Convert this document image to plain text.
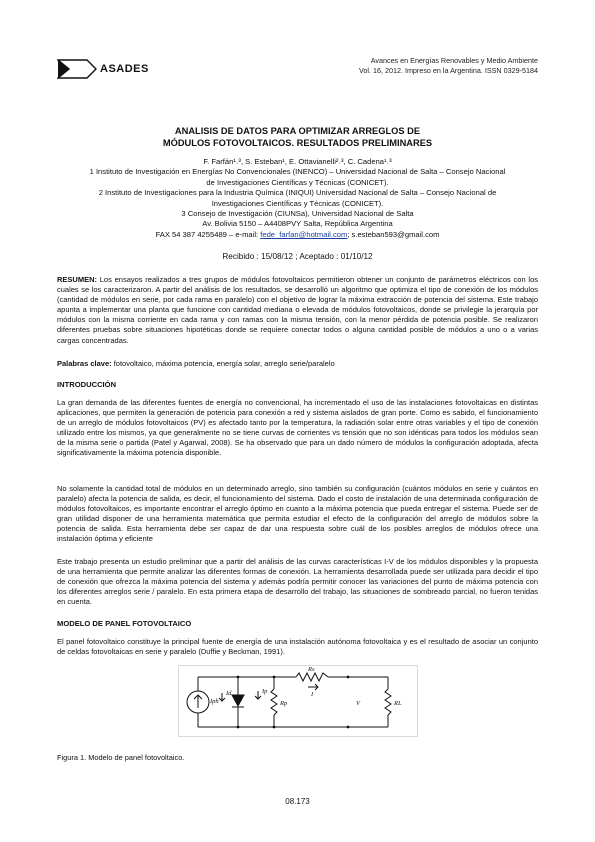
ASADES
Avances en Energías Renovables y Medio Ambiente
Vol. 16, 2012. Impreso en la Argentina. ISSN 0329-5184
ANALISIS DE DATOS PARA OPTIMIZAR ARREGLOS DE
MÓDULOS FOTOVOLTAICOS. RESULTADOS PRELIMINARES
F. Farfán¹˒³, S. Esteban¹, E. Ottavianelli²˒³, C. Cadena¹˒³
1 Instituto de Investigación en Energías No Convencionales (INENCO) – Universidad Nacional de Salta – Consejo Nacional
de Investigaciones Científicas y Técnicas (CONICET).
2 Instituto de Investigaciones para la Industria Química (INIQUI) Universidad Nacional de Salta – Consejo Nacional de
Investigaciones Científicas y Técnicas (CONICET).
3 Consejo de Investigación (CIUNSa), Universidad Nacional de Salta
Av. Bolivia 5150 – A4408PVY Salta, República Argentina
FAX 54 387 4255489 – e-mail: fede_farfan@hotmail.com; s.esteban593@gmail.com
Recibido : 15/08/12 ; Aceptado : 01/10/12
RESUMEN: Los ensayos realizados a tres grupos de módulos fotovoltaicos permitieron obtener un conjunto de parámetros eléctricos con los cuales se los caracterizaron. A partir del análisis de los resultados, se desarrolló un algoritmo que optimiza el tipo de conexión de los módulos (cantidad de módulos en serie, por cada rama en paralelo) con el objetivo de lograr la máxima extracción de potencia del sistema. Este trabajo apunta a implementar una planta que funcione con cantidad mediana o elevada de módulos fotovoltaicos, donde se privilegie la jerarquía por módulos con la misma corriente en cada rama y con ramas con la misma tensión, con la menor pérdida de potencia posible. Se realizaron diferentes pruebas sobre situaciones hipotéticas donde se requiere conectar todos o alguna cantidad posible de módulos a uno o a varias cargas concentradas.
Palabras clave: fotovoltaico, máxima potencia, energía solar, arreglo serie/paralelo
INTRODUCCIÓN
La gran demanda de las diferentes fuentes de energía no convencional, ha incrementado el uso de las instalaciones fotovoltaicas en distintas aplicaciones, que permiten la generación de potencia para conexión a red y sistema aislados de gran porte. Como es sabido, el funcionamiento de un arreglo de módulos fotovoltaicos (PV) es afectado tanto por la temperatura, la radiación solar entre otras variables y el tipo de conexión utilizado entre los mismos, ya que generalmente no se tiene curvas de corrientes vs tensión que no son idénticas para todos los módulos sean de la misma serie o partida (Patel y Agarwal, 2008). Se ha observado que para un dado número de módulos la configuración adoptada, afecta significativamente la máxima potencia disponible.
No solamente la cantidad total de módulos en un determinado arreglo, sino también su configuración (cuántos módulos en serie y cuántos en paralelo) afecta la potencia de salida, es decir, el funcionamiento del sistema. Dado el costo de instalación de una determinada configuración de módulos fotovoltaicos, es importante encontrar el arreglo óptimo en cuanto a la máxima potencia que pueda entregar el sistema. Puede ser de gran utilidad disponer de una herramienta matemática que permita estudiar el efecto de la configuración del arreglo de módulos sobre la potencia de salida. Esta herramienta debe ser capaz de dar una respuesta sobre cuál de los posibles arreglos de módulos ofrece una instalación óptima y eficiente
Este trabajo presenta un estudio preliminar que a partir del análisis de las curvas características I-V de los módulos disponibles y la propuesta de una herramienta que permite analizar las diferentes formas de conexión. La herramienta desarrollada puede ser utilizada para decidir el tipo de conexión que ofrezca la máxima potencia del sistema y además podría permitir conocer las variaciones del punto de máxima potencia con los diferentes arreglos serie / paralelo. En esta primera etapa de desarrollo del trabajo, las situaciones de sombreado parcial, no fueron tenidas en cuenta.
MODELO DE PANEL FOTOVOLTAICO
El panel fotovoltaico constituye la principal fuente de energía de una instalación autónoma fotovoltaica y es el resultado de asociar un conjunto de celdas fotovoltaicas en serie y paralelo (Duffie y Beckman, 1991).
Iph
Id	Ip
Rp
Rs
I
V	RL
Figura 1. Modelo de panel fotovoltaico.
08.173
